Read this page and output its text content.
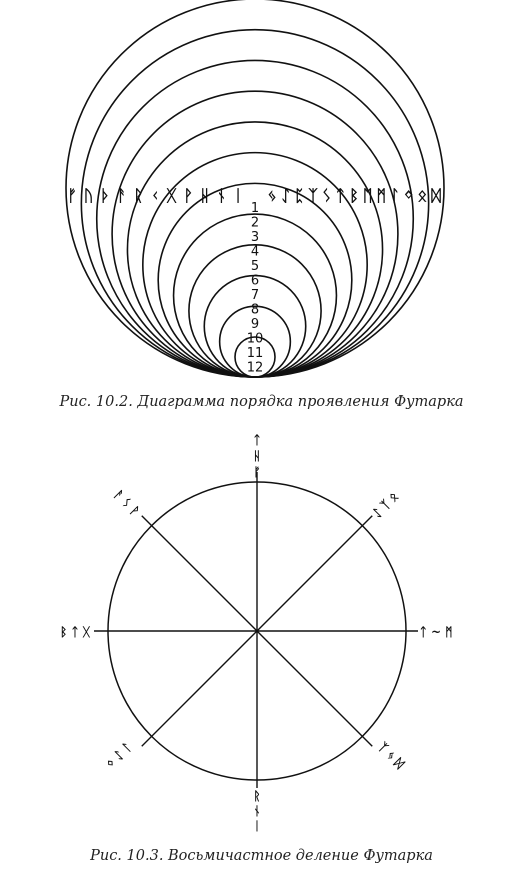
1
2
3
4
5
6
7
8
9
10
11
12
ᚠ ᚢ ᚦ ᚨ ᚱ ᚲ ᚷ ᚹ ᚺ ᚾ ᛁ ᛃ ᛇ ᛈ ᛉ ᛊ ᛏ ᛒ ᛖ ᛗ ᛚ ᛜ ᛟ ᛞ
Рис. 10.2. Диаграмма порядка проявления Футарка
ᛏ
ᚺ
ᚠ
ᚱ
ᚾ
ᛁ
ᛏ ~ ᛗ
ᛒ ᛏ ᚷ
ᛇ ᛉ ᛟ
ᚨ ᛊ ᚹ
ᛉ ᛃ ᛞ
ᛜ ᛇ ᛚ
Рис. 10.3. Восьмичастное деление Футарка
